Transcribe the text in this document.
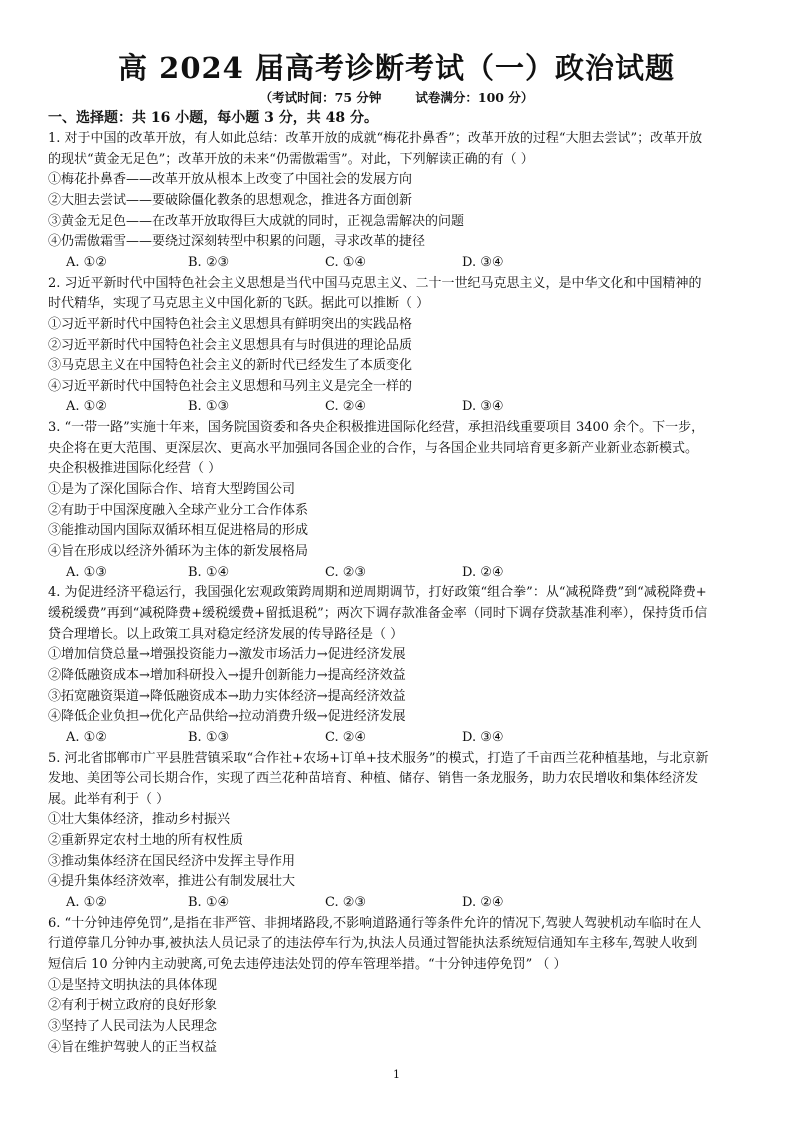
高 2024 届高考诊断考试（一）政治试题
（考试时间：75 分钟	试卷满分：100 分）
一、选择题：共 16 小题，每小题 3 分，共 48 分。
1. 对于中国的改革开放，有人如此总结：改革开放的成就“梅花扑鼻香”；改革开放的过程“大胆去尝试”；改革开放
的现状“黄金无足色”；改革开放的未来“仍需傲霜雪”。对此，下列解读正确的有（ ）
①梅花扑鼻香——改革开放从根本上改变了中国社会的发展方向
②大胆去尝试——要破除僵化教条的思想观念，推进各方面创新
③黄金无足色——在改革开放取得巨大成就的同时，正视急需解决的问题
④仍需傲霜雪——要绕过深刻转型中积累的问题，寻求改革的捷径
A. ①②	B. ②③	C. ①④	D. ③④
2. 习近平新时代中国特色社会主义思想是当代中国马克思主义、二十一世纪马克思主义，是中华文化和中国精神的
时代精华，实现了马克思主义中国化新的飞跃。据此可以推断（ ）
①习近平新时代中国特色社会主义思想具有鲜明突出的实践品格
②习近平新时代中国特色社会主义思想具有与时俱进的理论品质
③马克思主义在中国特色社会主义的新时代已经发生了本质变化
④习近平新时代中国特色社会主义思想和马列主义是完全一样的
A. ①②	B. ①③	C. ②④	D. ③④
3. “一带一路”实施十年来，国务院国资委和各央企积极推进国际化经营，承担沿线重要项目 3400 余个。下一步，
央企将在更大范围、更深层次、更高水平加强同各国企业的合作，与各国企业共同培育更多新产业新业态新模式。
央企积极推进国际化经营（ ）
①是为了深化国际合作、培育大型跨国公司
②有助于中国深度融入全球产业分工合作体系
③能推动国内国际双循环相互促进格局的形成
④旨在形成以经济外循环为主体的新发展格局
A. ①③	B. ①④	C. ②③	D. ②④
4. 为促进经济平稳运行，我国强化宏观政策跨周期和逆周期调节，打好政策“组合拳”：从“减税降费”到“减税降费+
缓税缓费”再到“减税降费+缓税缓费+留抵退税”；两次下调存款准备金率（同时下调存贷款基准利率），保持货币信
贷合理增长。以上政策工具对稳定经济发展的传导路径是（ ）
①增加信贷总量→增强投资能力→激发市场活力→促进经济发展
②降低融资成本→增加科研投入→提升创新能力→提高经济效益
③拓宽融资渠道→降低融资成本→助力实体经济→提高经济效益
④降低企业负担→优化产品供给→拉动消费升级→促进经济发展
A. ①②	B. ①③	C. ②④	D. ③④
5. 河北省邯郸市广平县胜营镇采取“合作社+农场+订单+技术服务”的模式，打造了千亩西兰花种植基地，与北京新
发地、美团等公司长期合作，实现了西兰花种苗培育、种植、储存、销售一条龙服务，助力农民增收和集体经济发
展。此举有利于（ ）
①壮大集体经济，推动乡村振兴
②重新界定农村土地的所有权性质
③推动集体经济在国民经济中发挥主导作用
④提升集体经济效率，推进公有制发展壮大
A. ①②	B. ①④	C. ②③	D. ②④
6. “十分钟违停免罚”,是指在非严管、非拥堵路段,不影响道路通行等条件允许的情况下,驾驶人驾驶机动车临时在人
行道停靠几分钟办事,被执法人员记录了的违法停车行为,执法人员通过智能执法系统短信通知车主移车,驾驶人收到
短信后 10 分钟内主动驶离,可免去违停违法处罚的停车管理举措。“十分钟违停免罚” （ ）
①是坚持文明执法的具体体现
②有利于树立政府的良好形象
③坚持了人民司法为人民理念
④旨在维护驾驶人的正当权益
1
